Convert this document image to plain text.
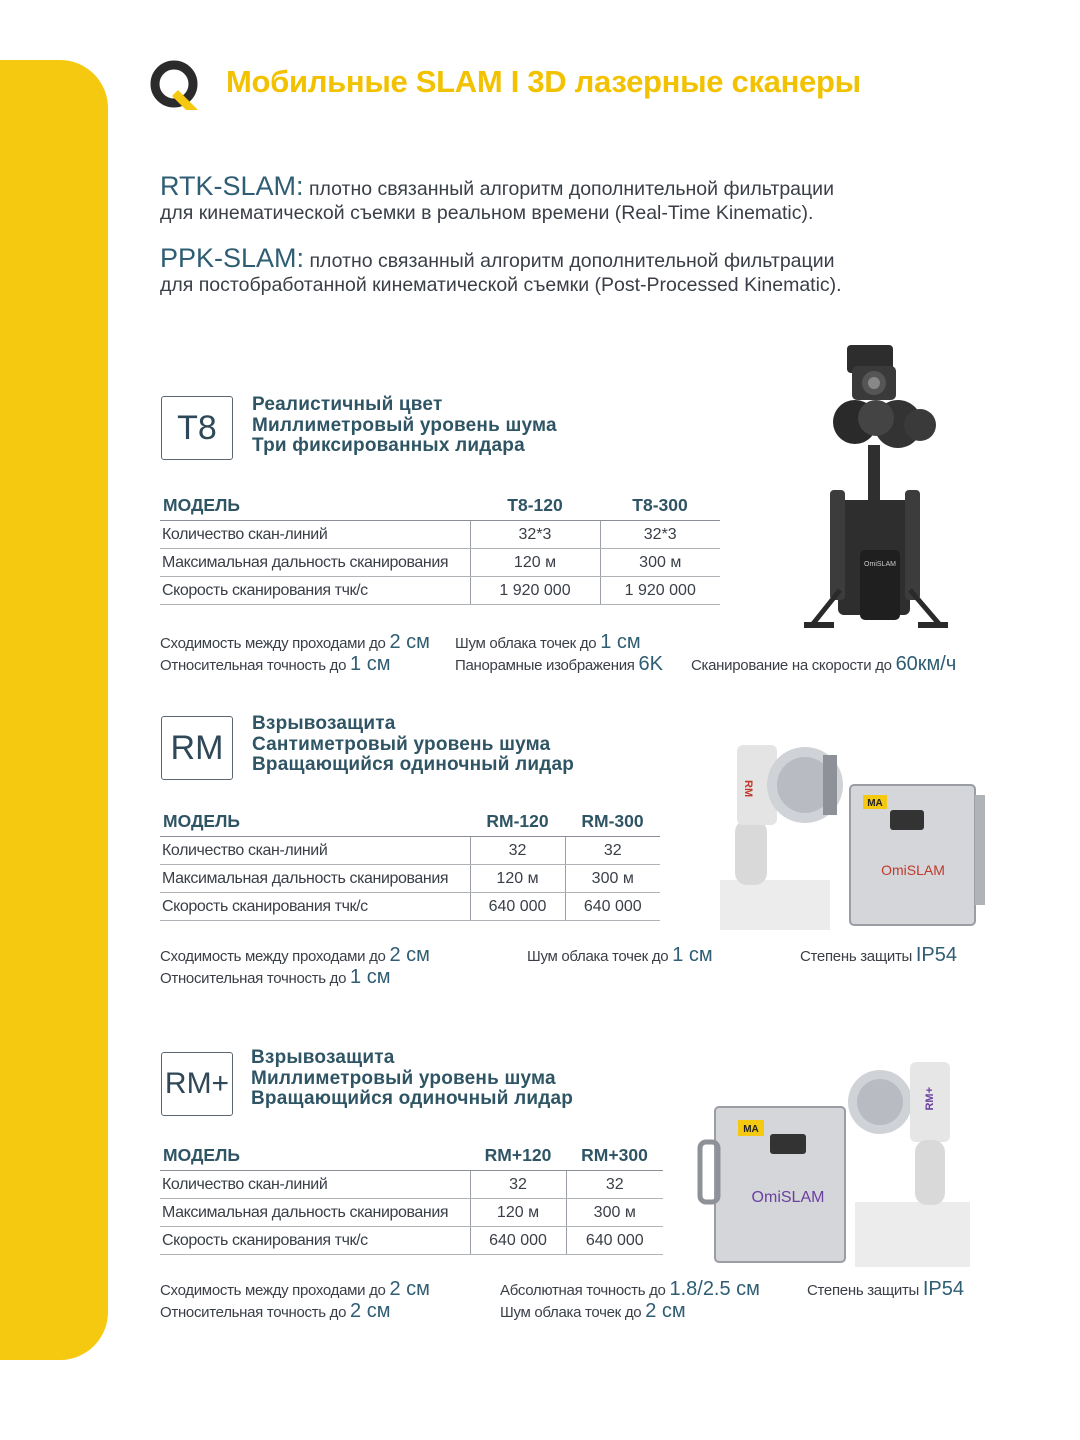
Мобильные SLAM I 3D лазерные сканеры
RTK-SLAM: плотно связанный алгоритм дополнительной фильтрации
для кинематической съемки в реальном времени (Real-Time Kinematic).
PPK-SLAM: плотно связанный алгоритм дополнительной фильтрации
для постобработанной кинематической съемки (Post-Processed Kinematic).
T8
Реалистичный цвет
Миллиметровый уровень шума
Три фиксированных лидара
МОДЕЛЬ	T8-120	T8-300
Количество скан-линий	32*3	32*3
Максимальная дальность сканирования	120 м	300 м
Скорость сканирования тчк/с	1 920 000	1 920 000
Сходимость между проходами до 2 см Шум облака точек до 1 см
Относительная точность до 1 см	Панорамные изображения 6K Сканирование на скорости до 60км/ч
OmiSLAM
RM
Взрывозащита
Сантиметровый уровень шума
Вращающийся одиночный лидар
МОДЕЛЬ	RM-120	RM-300
Количество скан-линий	32	32
Максимальная дальность сканирования	120 м	300 м
Скорость сканирования тчк/с	640 000	640 000
Сходимость между проходами до 2 см	Шум облака точек до 1 см	Степень защиты IP54
Относительная точность до 1 см
RM
MA
OmiSLAM
RM+
Взрывозащита
Миллиметровый уровень шума
Вращающийся одиночный лидар
МОДЕЛЬ	RM+120	RM+300
Количество скан-линий	32	32
Максимальная дальность сканирования	120 м	300 м
Скорость сканирования тчк/с	640 000	640 000
Сходимость между проходами до 2 см	Абсолютная точность до 1.8/2.5 см	Степень защиты IP54
Относительная точность до 2 см	Шум облака точек до 2 см
MA
OmiSLAM
RM+
